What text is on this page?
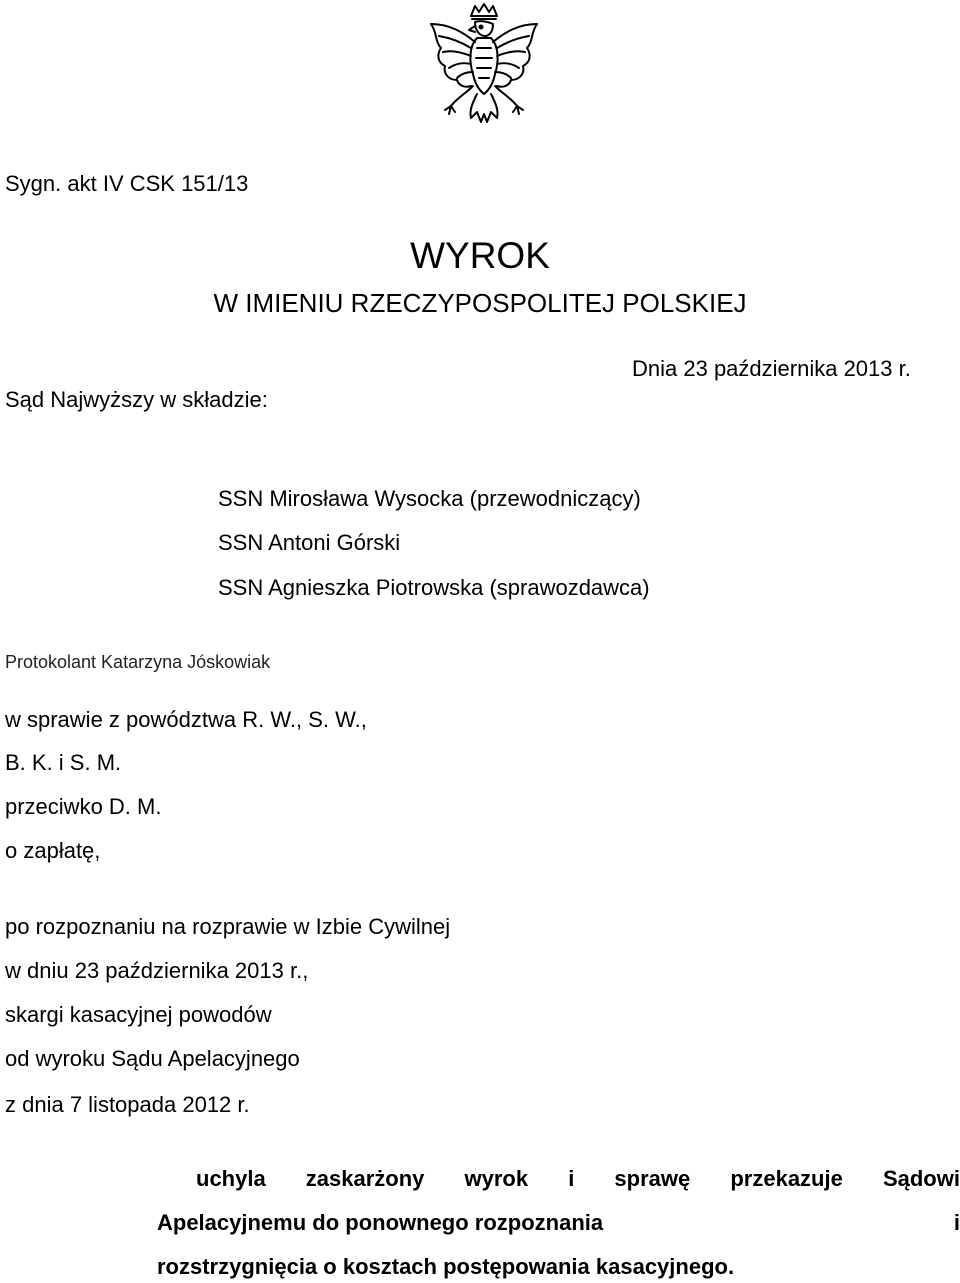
Sygn. akt IV CSK 151/13
WYROK
W IMIENIU RZECZYPOSPOLITEJ POLSKIEJ
Dnia 23 października 2013 r.
Sąd Najwyższy w składzie:
SSN Mirosława Wysocka (przewodniczący)
SSN Antoni Górski
SSN Agnieszka Piotrowska (sprawozdawca)
Protokolant Katarzyna Jóskowiak
w sprawie z powództwa R. W., S. W.,
B. K. i S. M.
przeciwko D. M.
o zapłatę,
po rozpoznaniu na rozprawie w Izbie Cywilnej
w dniu 23 października 2013 r.,
skargi kasacyjnej powodów
od wyroku Sądu Apelacyjnego
z dnia 7 listopada 2012 r.
uchyla zaskarżony wyrok i sprawę przekazuje Sądowi
Apelacyjnemu do ponownego rozpoznania	i
rozstrzygnięcia o kosztach postępowania kasacyjnego.
